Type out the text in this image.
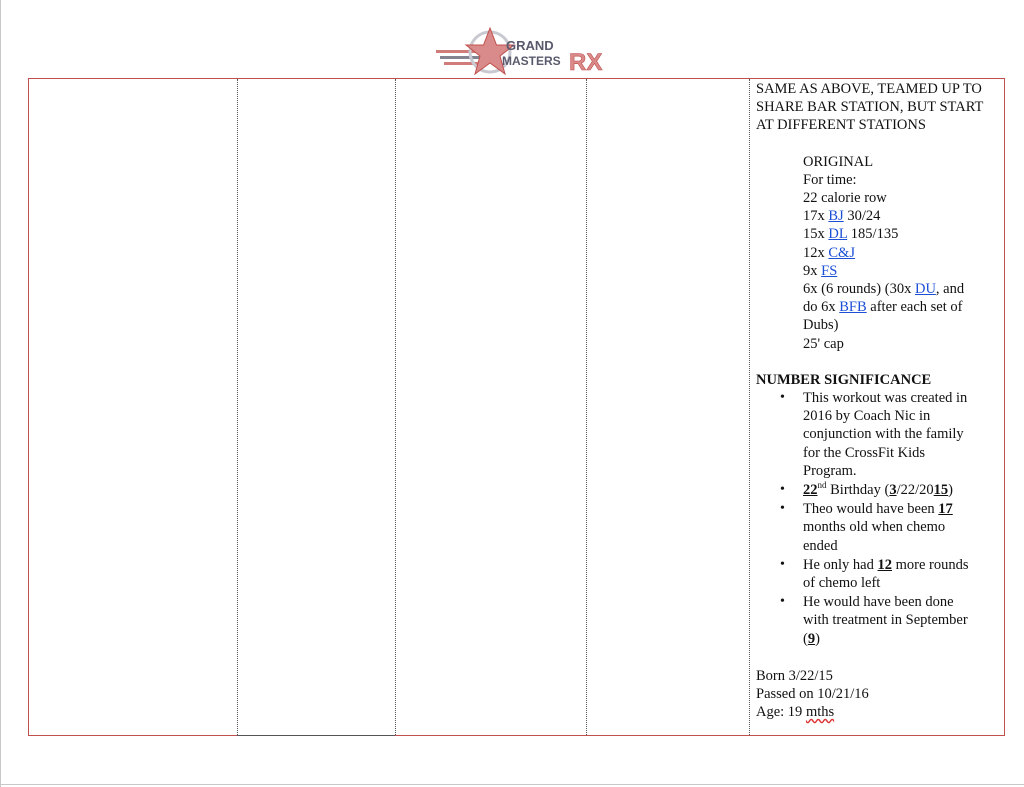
GRAND
MASTERS RX

SAME AS ABOVE, TEAMED UP TO

SHARE BAR STATION, BUT START

AT DIFFERENT STATIONS

ORIGINAL

For time:

22 calorie row

17x BJ 30/24

15x DL 185/135

12x C&J

9x FS

6x (6 rounds) (30x DU, and

do 6x BFB after each set of

Dubs)

25' cap

NUMBER SIGNIFICANCE

• This workout was created in
2016 by Coach Nic in
conjunction with the family
for the CrossFit Kids
Program.
• 22nd Birthday (3/22/2015)
• Theo would have been 17
months old when chemo
ended
• He only had 12 more rounds
of chemo left
• He would have been done
with treatment in September
(9)

Born 3/22/15

Passed on 10/21/16

Age: 19 mths
